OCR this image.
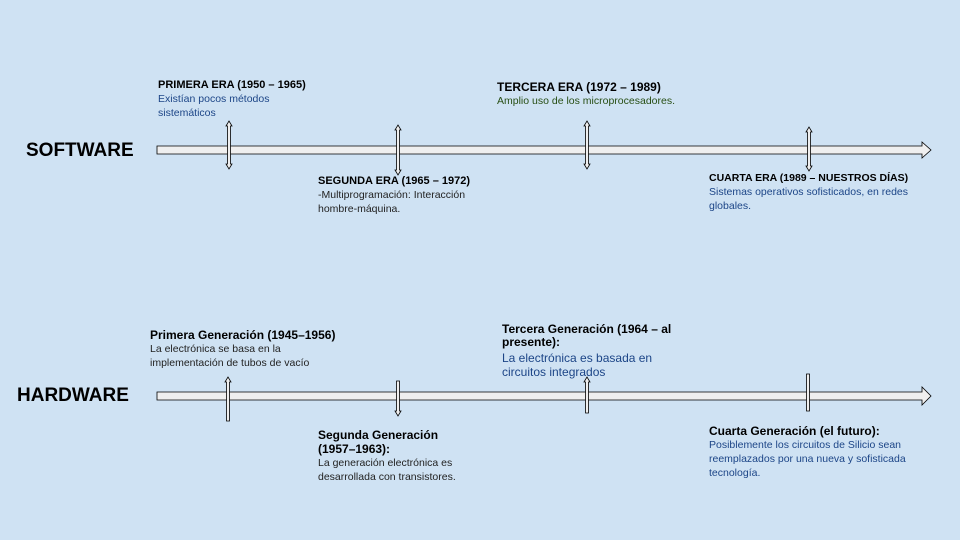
SOFTWARE
HARDWARE
PRIMERA ERA (1950 – 1965)
Existían pocos métodos
sistemáticos
SEGUNDA ERA (1965 – 1972)
-Multiprogramación: Interacción
hombre-máquina.
TERCERA ERA (1972 – 1989)
Amplio uso de los microprocesadores.
CUARTA ERA (1989 – NUESTROS DÍAS)
Sistemas operativos sofisticados, en redes
globales.
Primera Generación (1945–1956)
La electrónica se basa en la
implementación de tubos de vacío
Segunda Generación
(1957–1963):
La generación electrónica es
desarrollada con transistores.
Tercera Generación (1964 – al
presente):
La electrónica es basada en
circuitos integrados
Cuarta Generación (el futuro):
Posiblemente los circuitos de Silicio sean
reemplazados por una nueva y sofisticada
tecnología.
